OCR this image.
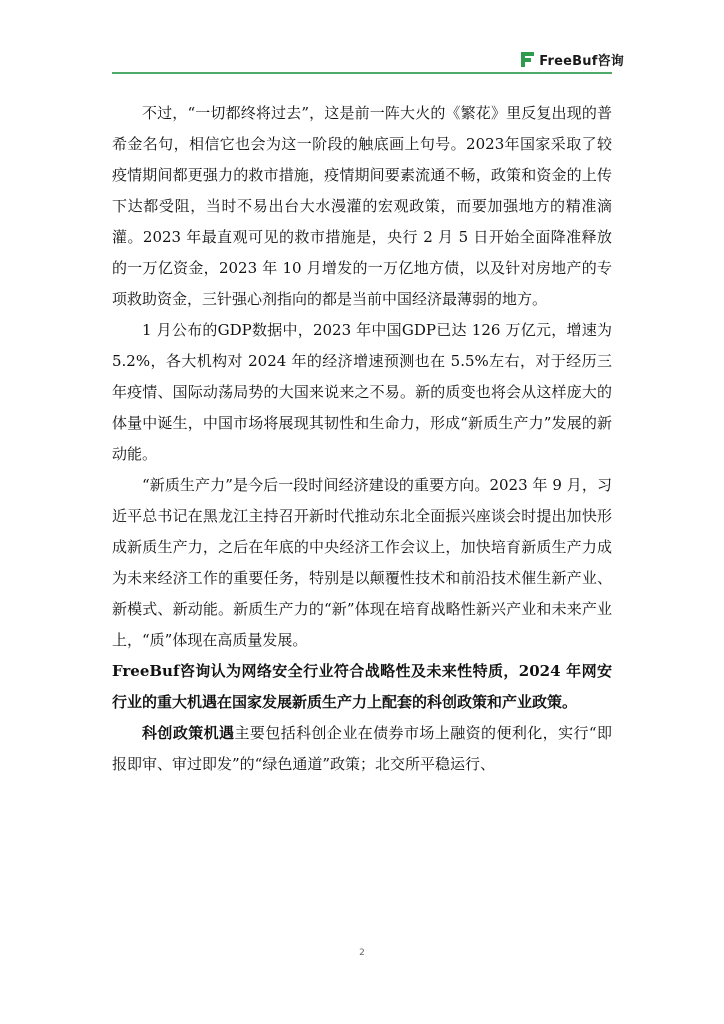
FreeBuf咨询

不过，“一切都终将过去”，这是前一阵大火的《繁花》里反复出现的普希金名句，相信它也会为这一阶段的触底画上句号。2023年国家采取了较疫情期间都更强力的救市措施，疫情期间要素流通不畅，政策和资金的上传下达都受阻，当时不易出台大水漫灌的宏观政策，而要加强地方的精准滴灌。2023 年最直观可见的救市措施是，央行 2 月 5 日开始全面降准释放的一万亿资金，2023 年 10 月增发的一万亿地方债，以及针对房地产的专项救助资金，三针强心剂指向的都是当前中国经济最薄弱的地方。

1 月公布的GDP数据中，2023 年中国GDP已达 126 万亿元，增速为 5.2%，各大机构对 2024 年的经济增速预测也在 5.5%左右，对于经历三年疫情、国际动荡局势的大国来说来之不易。新的质变也将会从这样庞大的体量中诞生，中国市场将展现其韧性和生命力，形成“新质生产力”发展的新动能。

“新质生产力”是今后一段时间经济建设的重要方向。2023 年 9 月，习近平总书记在黑龙江主持召开新时代推动东北全面振兴座谈会时提出加快形成新质生产力，之后在年底的中央经济工作会议上，加快培育新质生产力成为未来经济工作的重要任务，特别是以颠覆性技术和前沿技术催生新产业、新模式、新动能。新质生产力的“新”体现在培育战略性新兴产业和未来产业上，“质”体现在高质量发展。

FreeBuf咨询认为网络安全行业符合战略性及未来性特质，2024 年网安行业的重大机遇在国家发展新质生产力上配套的科创政策和产业政策。

科创政策机遇主要包括科创企业在债券市场上融资的便利化，实行“即报即审、审过即发”的“绿色通道”政策；北交所平稳运行、

2
